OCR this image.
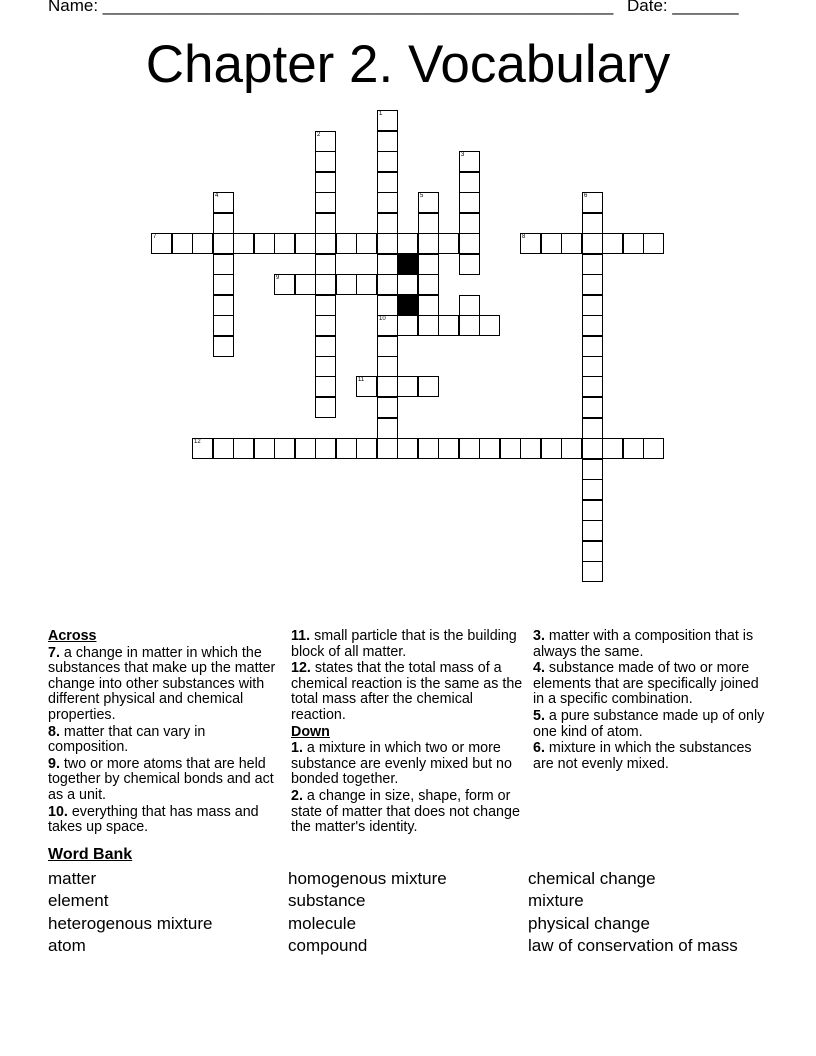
Name: ______________________________________________________ Date: _______
Chapter 2. Vocabulary
7	8
9
10
11
12
1
2
3
4	5	6
Across
7. a change in matter in which the substances that make up the matter change into other substances with different physical and chemical properties.
8. matter that can vary in composition.
9. two or more atoms that are held together by chemical bonds and act as a unit.
10. everything that has mass and takes up space.
11. small particle that is the building block of all matter.
12. states that the total mass of a chemical reaction is the same as the total mass after the chemical reaction.
Down
1. a mixture in which two or more substance are evenly mixed but no bonded together.
2. a change in size, shape, form or state of matter that does not change the matter's identity.
3. matter with a composition that is always the same.
4. substance made of two or more elements that are specifically joined in a specific combination.
5. a pure substance made up of only one kind of atom.
6. mixture in which the substances are not evenly mixed.
Word Bank
matter
element
heterogenous mixture
atom
homogenous mixture
substance
molecule
compound
chemical change
mixture
physical change
law of conservation of mass
